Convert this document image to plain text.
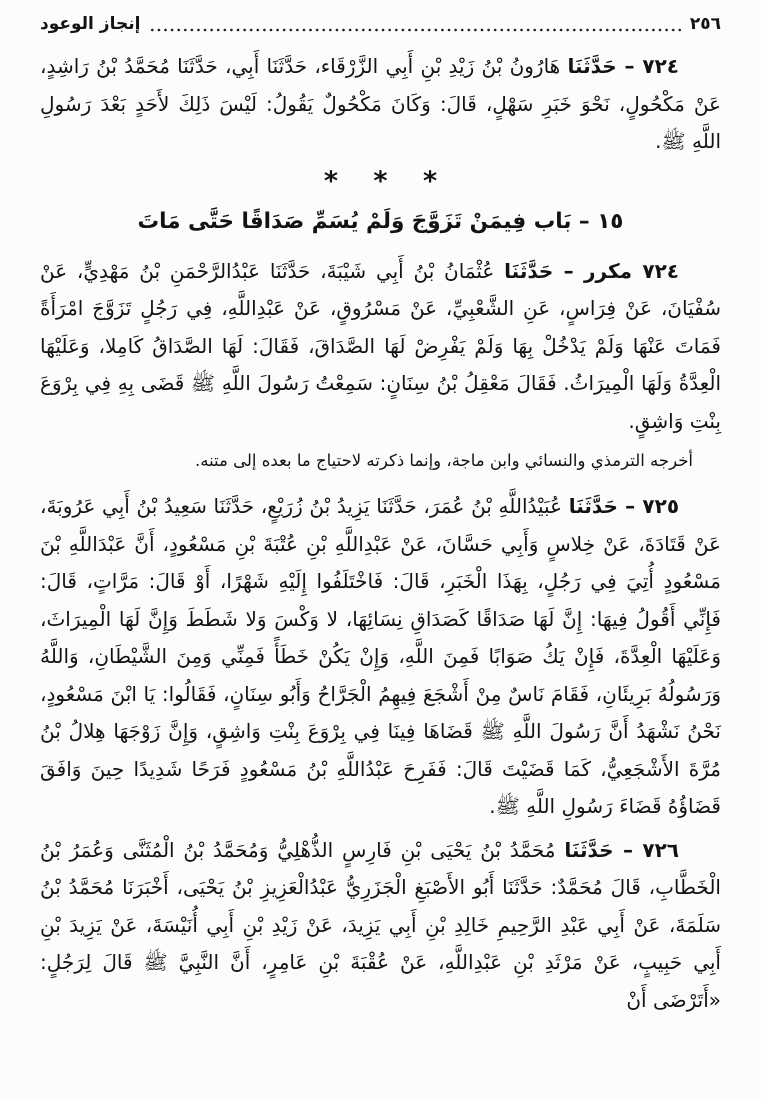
٢٥٦
إنجاز الوعود

٧٢٤ – حَدَّثَنَا هَارُونُ بْنُ زَيْدِ بْنِ أَبِي الزَّرْقَاء، حَدَّثَنَا أَبِي، حَدَّثَنَا مُحَمَّدُ بْنُ رَاشِدٍ، عَنْ مَكْحُولٍ، نَحْوَ خَبَرِ سَهْلٍ، قَالَ: وَكَانَ مَكْحُولٌ يَقُولُ: لَيْسَ ذَلِكَ لأَحَدٍ بَعْدَ رَسُولِ اللَّهِ ﷺ.

* * *
١٥ – بَاب فِيمَنْ تَزَوَّجَ وَلَمْ يُسَمِّ صَدَاقًا حَتَّى مَاتَ

٧٢٤ مكرر – حَدَّثَنَا عُثْمَانُ بْنُ أَبِي شَيْبَةَ، حَدَّثَنَا عَبْدُالرَّحْمَنِ بْنُ مَهْدِيٍّ، عَنْ سُفْيَانَ، عَنْ فِرَاسٍ، عَنِ الشَّعْبِيِّ، عَنْ مَسْرُوقٍ، عَنْ عَبْدِاللَّهِ، فِي رَجُلٍ تَزَوَّجَ امْرَأَةً فَمَاتَ عَنْهَا وَلَمْ يَدْخُلْ بِهَا وَلَمْ يَفْرِضْ لَهَا الصَّدَاقَ، فَقَالَ: لَهَا الصَّدَاقُ كَامِلا، وَعَلَيْهَا الْعِدَّةُ وَلَهَا الْمِيرَاثُ. فَقَالَ مَعْقِلُ بْنُ سِنَانٍ: سَمِعْتُ رَسُولَ اللَّهِ ﷺ قَضَى بِهِ فِي بِرْوَعَ بِنْتِ وَاشِقٍ.

أخرجه الترمذي والنسائي وابن ماجة، وإنما ذكرته لاحتياج ما بعده إلى متنه.

٧٢٥ – حَدَّثَنَا عُبَيْدُاللَّهِ بْنُ عُمَرَ، حَدَّثَنَا يَزِيدُ بْنُ زُرَيْعٍ، حَدَّثَنَا سَعِيدُ بْنُ أَبِي عَرُوبَةَ، عَنْ قَتَادَةَ، عَنْ خِلاسٍ وَأَبِي حَسَّانَ، عَنْ عَبْدِاللَّهِ بْنِ عُتْبَةَ بْنِ مَسْعُودٍ، أَنَّ عَبْدَاللَّهِ بْنَ مَسْعُودٍ أُتِيَ فِي رَجُلٍ، بِهَذَا الْخَبَرِ، قَالَ: فَاخْتَلَفُوا إِلَيْهِ شَهْرًا، أَوْ قَالَ: مَرَّاتٍ، قَالَ: فَإِنِّي أَقُولُ فِيهَا: إِنَّ لَهَا صَدَاقًا كَصَدَاقِ نِسَائِهَا، لا وَكْسَ وَلا شَطَطَ وَإِنَّ لَهَا الْمِيرَاثَ، وَعَلَيْهَا الْعِدَّةَ، فَإِنْ يَكُ صَوَابًا فَمِنَ اللَّهِ، وَإِنْ يَكُنْ خَطَأً فَمِنِّي وَمِنَ الشَّيْطَانِ، وَاللَّهُ وَرَسُولُهُ بَرِيئَانِ، فَقَامَ نَاسٌ مِنْ أَشْجَعَ فِيهِمُ الْجَرَّاحُ وَأَبُو سِنَانٍ، فَقَالُوا: يَا ابْنَ مَسْعُودٍ، نَحْنُ نَشْهَدُ أَنَّ رَسُولَ اللَّهِ ﷺ قَضَاهَا فِينَا فِي بِرْوَعَ بِنْتِ وَاشِقٍ، وَإِنَّ زَوْجَهَا هِلالُ بْنُ مُرَّةَ الأَشْجَعِيُّ، كَمَا قَضَيْتَ قَالَ: فَفَرِحَ عَبْدُاللَّهِ بْنُ مَسْعُودٍ فَرَحًا شَدِيدًا حِينَ وَافَقَ قَضَاؤُهُ قَضَاءَ رَسُولِ اللَّهِ ﷺ.

٧٢٦ – حَدَّثَنَا مُحَمَّدُ بْنُ يَحْيَى بْنِ فَارِسٍ الذُّهْلِيُّ وَمُحَمَّدُ بْنُ الْمُثَنَّى وَعُمَرُ بْنُ الْخَطَّابِ، قَالَ مُحَمَّدٌ: حَدَّثَنَا أَبُو الأَصْبَغِ الْجَزَرِيُّ عَبْدُالْعَزِيزِ بْنُ يَحْيَى، أَخْبَرَنَا مُحَمَّدُ بْنُ سَلَمَةَ، عَنْ أَبِي عَبْدِ الرَّحِيمِ خَالِدِ بْنِ أَبِي يَزِيدَ، عَنْ زَيْدِ بْنِ أَبِي أُنَيْسَةَ، عَنْ يَزِيدَ بْنِ أَبِي حَبِيبٍ، عَنْ مَرْثَدِ بْنِ عَبْدِاللَّهِ، عَنْ عُقْبَةَ بْنِ عَامِرٍ، أَنَّ النَّبِيَّ ﷺ قَالَ لِرَجُلٍ: «أَتَرْضَى أَنْ
